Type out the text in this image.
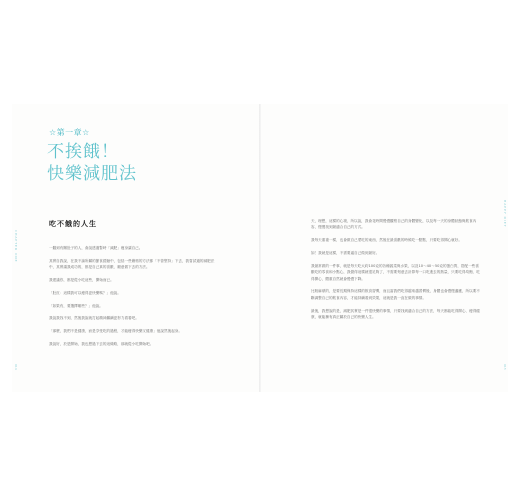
☆第一章☆
不挨餓！
快樂減肥法
吃不餓的人生

一聽到有關肚子的人，會說透過暫時「減肥」瘦身讓自己。

其實自我說，在我不論所屬的節食經驗中，包括一些嚴格的方法都「不曾堅持」下去，我嘗試過的減肥法中，其實讓我成功的，都是自己真的喜歡、願意做下去的方法。

我建議你，都是從小吃這些，開始而已。

「肚皮：這樣我可以瘦得更快樂嗎？」他說。

「如果有，要選擇哪些？」他說。

我說我找不到，然後我說就打起精神繼續更努力看看吧。

「那麼，我們不是健康，而是享受吃的過程，才能瘦得快樂又健康」他說然後起身。

我說好，於是開始，我也想過下去的這條路，那就從小吃開始吧。

天，理想，這樣的心境，所以說，我會花時間慢慢觀察自己的身體變化，以及每一天的身體狀態與飲食內容，慢慢找到最適合自己的方式。

我每天重複一樣，也會做自己愛吃的東西，然後在最喜歡的時候吃一點點，只要吃得開心就好。

如！我就是這樣，不需要逼自己做到最好。

我最常做的一件事，就是每天吃大約100克的各種蔬菜與水果，以及10～40～50克的蛋白質，搭配一些喜歡吃的零食和小點心，我覺得這樣就很足夠了，不需要刻意去計算每一口吃進去的熱量，只要吃得均衡、吃得開心，體重自然就會慢慢下降。

比較麻煩的，是要長期保持這樣的飲食習慣，而且當我們吃得越來越習慣後，身體也會慢慢適應，所以要不斷調整自己的飲食內容，才能持續看到效果，這就是我一直在做的事情。

最後，我想說的是，減肥其實是一件很快樂的事情，只要找到適合自己的方法，每天都能吃得開心、瘦得健康，就能擁有真正屬於自己的快樂人生。

CHAPTER ONE
HAPPY DIET
014	015
